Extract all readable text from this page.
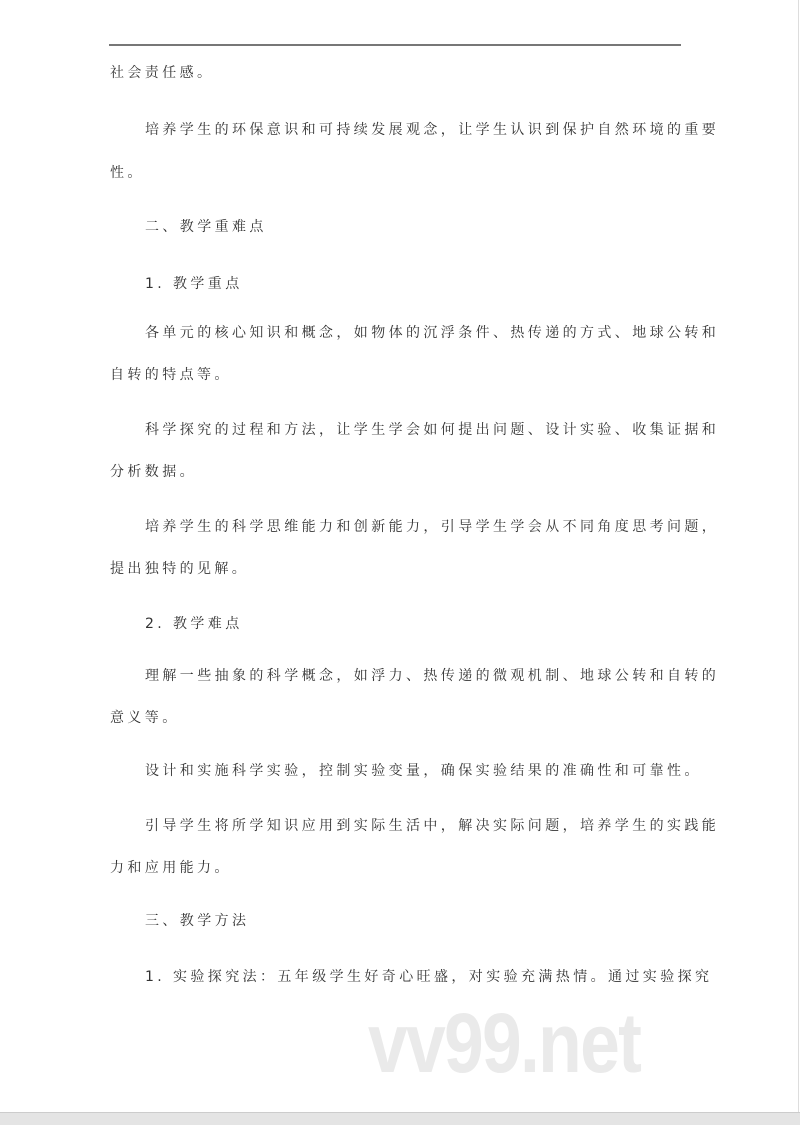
社会责任感。
培养学生的环保意识和可持续发展观念，让学生认识到保护自然环境的重要
性。
二、教学重难点
1. 教学重点
各单元的核心知识和概念，如物体的沉浮条件、热传递的方式、地球公转和
自转的特点等。
科学探究的过程和方法，让学生学会如何提出问题、设计实验、收集证据和
分析数据。
培养学生的科学思维能力和创新能力，引导学生学会从不同角度思考问题，
提出独特的见解。
2. 教学难点
理解一些抽象的科学概念，如浮力、热传递的微观机制、地球公转和自转的
意义等。
设计和实施科学实验，控制实验变量，确保实验结果的准确性和可靠性。
引导学生将所学知识应用到实际生活中，解决实际问题，培养学生的实践能
力和应用能力。
三、教学方法
1. 实验探究法：五年级学生好奇心旺盛，对实验充满热情。通过实验探究
vv99.net
